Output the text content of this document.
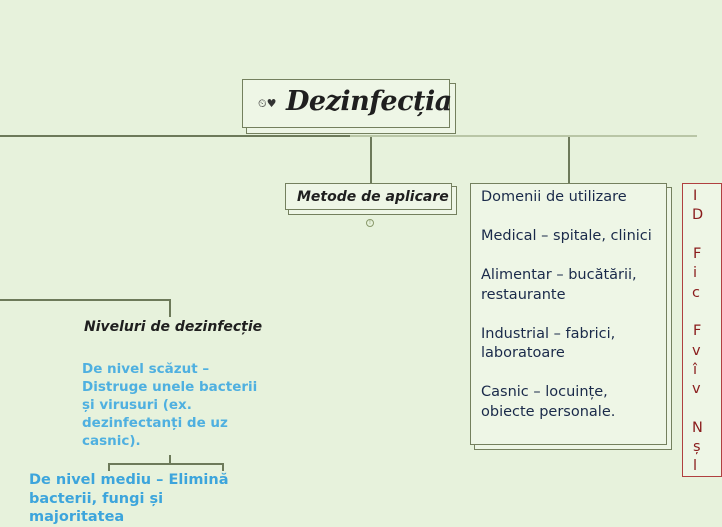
⏲♥ Dezinfecția
Metode de aplicare
!

Domenii de utilizare

Medical – spitale, clinici

Alimentar – bucătării, restaurante

Industrial – fabrici, laboratoare

Casnic – locuințe, obiecte personale.

I
D
F
i
c
F
v
î
v
N
ș
l
Niveluri de dezinfecție
De nivel scăzut – Distruge unele bacterii și virusuri (ex. dezinfectanți de uz casnic).
De nivel mediu – Elimină bacterii, fungi și majoritatea
